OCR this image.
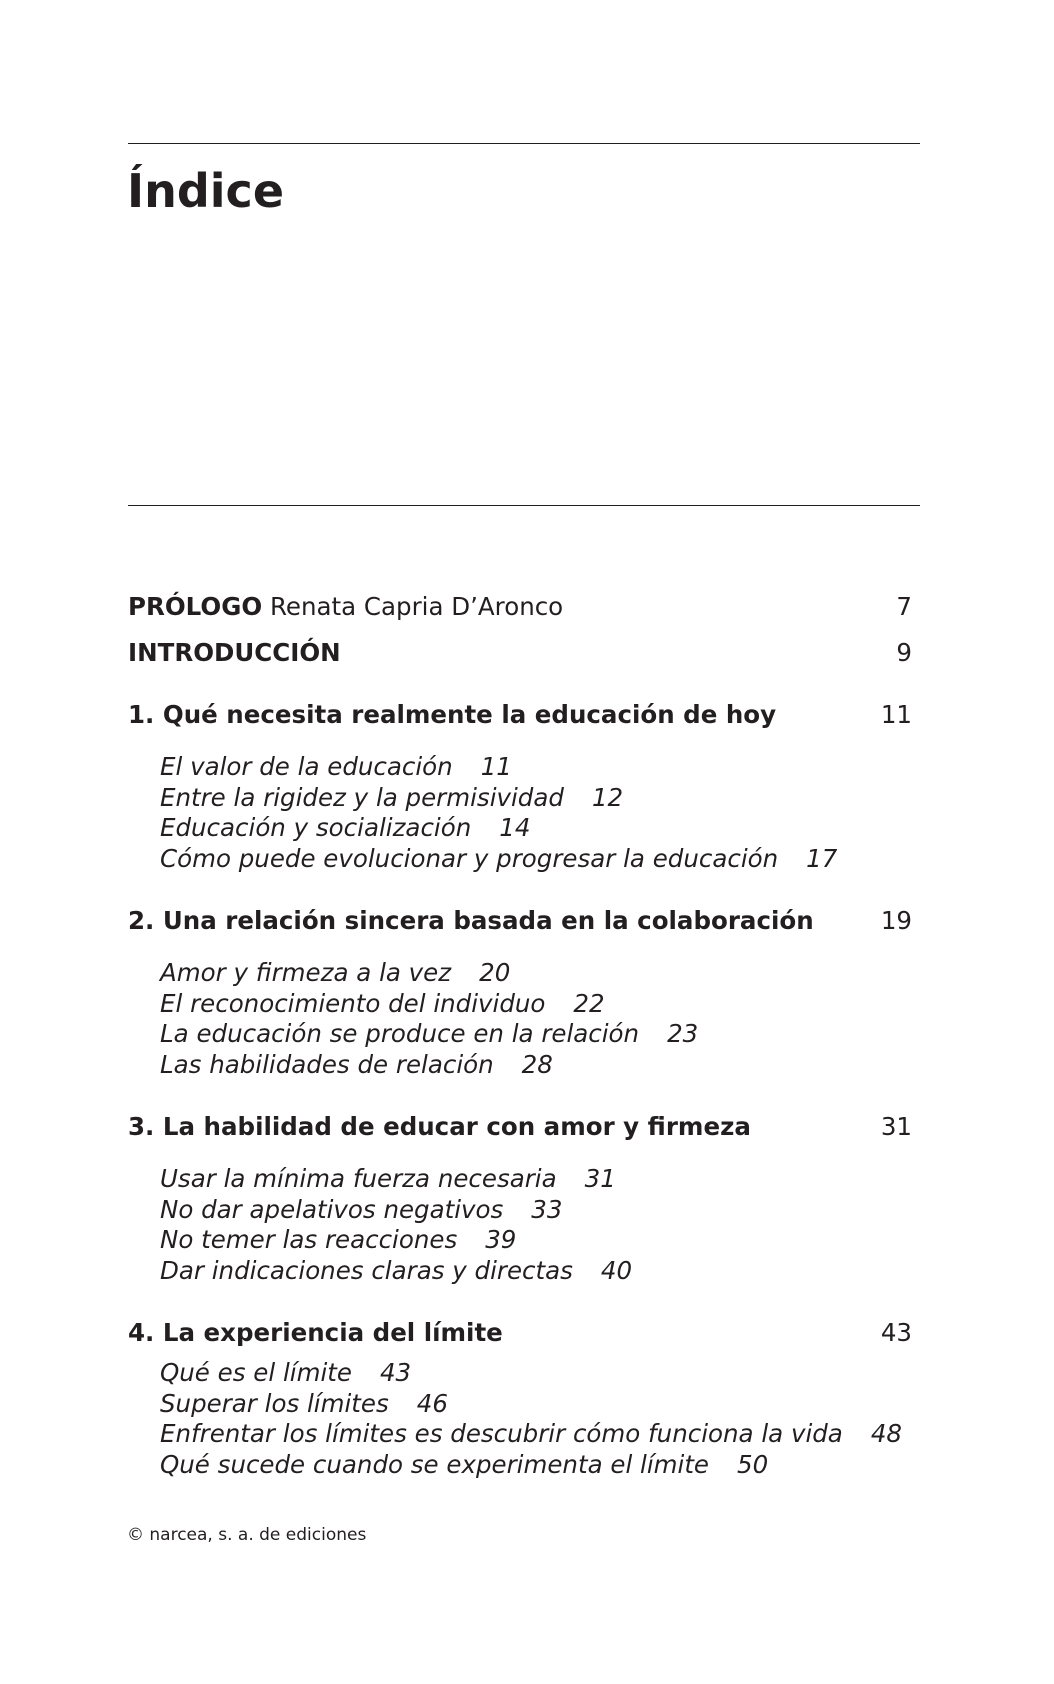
Índice
PRÓLOGO Renata Capria D’Aronco	7
INTRODUCCIÓN	9
1. Qué necesita realmente la educación de hoy	11
El valor de la educación 11
Entre la rigidez y la permisividad 12
Educación y socialización 14
Cómo puede evolucionar y progresar la educación 17
2. Una relación sincera basada en la colaboración	19
Amor y firmeza a la vez 20
El reconocimiento del individuo 22
La educación se produce en la relación 23
Las habilidades de relación 28
3. La habilidad de educar con amor y firmeza	31
Usar la mínima fuerza necesaria 31
No dar apelativos negativos 33
No temer las reacciones 39
Dar indicaciones claras y directas 40
4. La experiencia del límite	43
Qué es el límite 43
Superar los límites 46
Enfrentar los límites es descubrir cómo funciona la vida 48
Qué sucede cuando se experimenta el límite 50
© narcea, s. a. de ediciones
